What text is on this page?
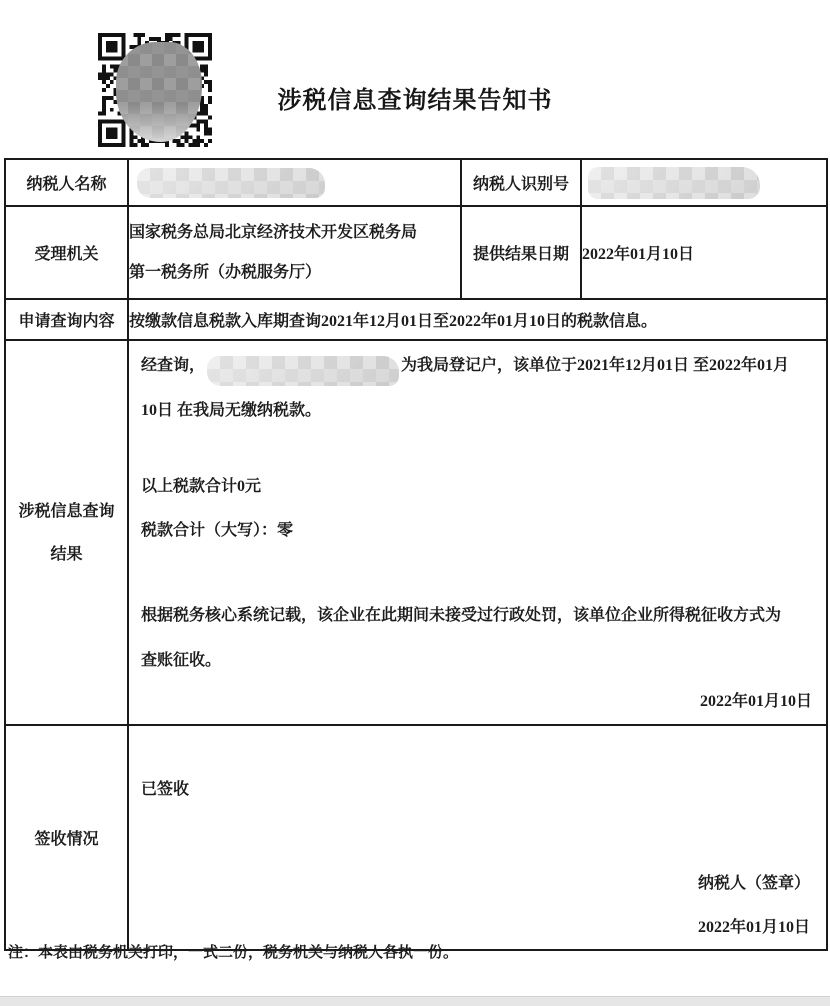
涉税信息查询结果告知书
纳税人名称		纳税人识别号	

受理机关	国家税务总局北京经济技术开发区税务局
第一税务所（办税服务厅）	提供结果日期	2022年01月10日
申请查询内容	按缴款信息税款入库期查询2021年12月01日至2022年01月10日的税款信息。		

涉税信息查询
结果

经查询，	为我局登记户，该单位于2021年12月01日 至2022年01月
10日 在我局无缴纳税款。

以上税款合计0元

税款合计（大写）：零

根据税务核心系统记载，该企业在此期间未接受过行政处罚，该单位企业所得税征收方式为查账征收。

2022年01月10日

签收情况	已签收
纳税人（签章）
2022年01月10日		

注：本表由税务机关打印，一式二份，税务机关与纳税人各执一份。
